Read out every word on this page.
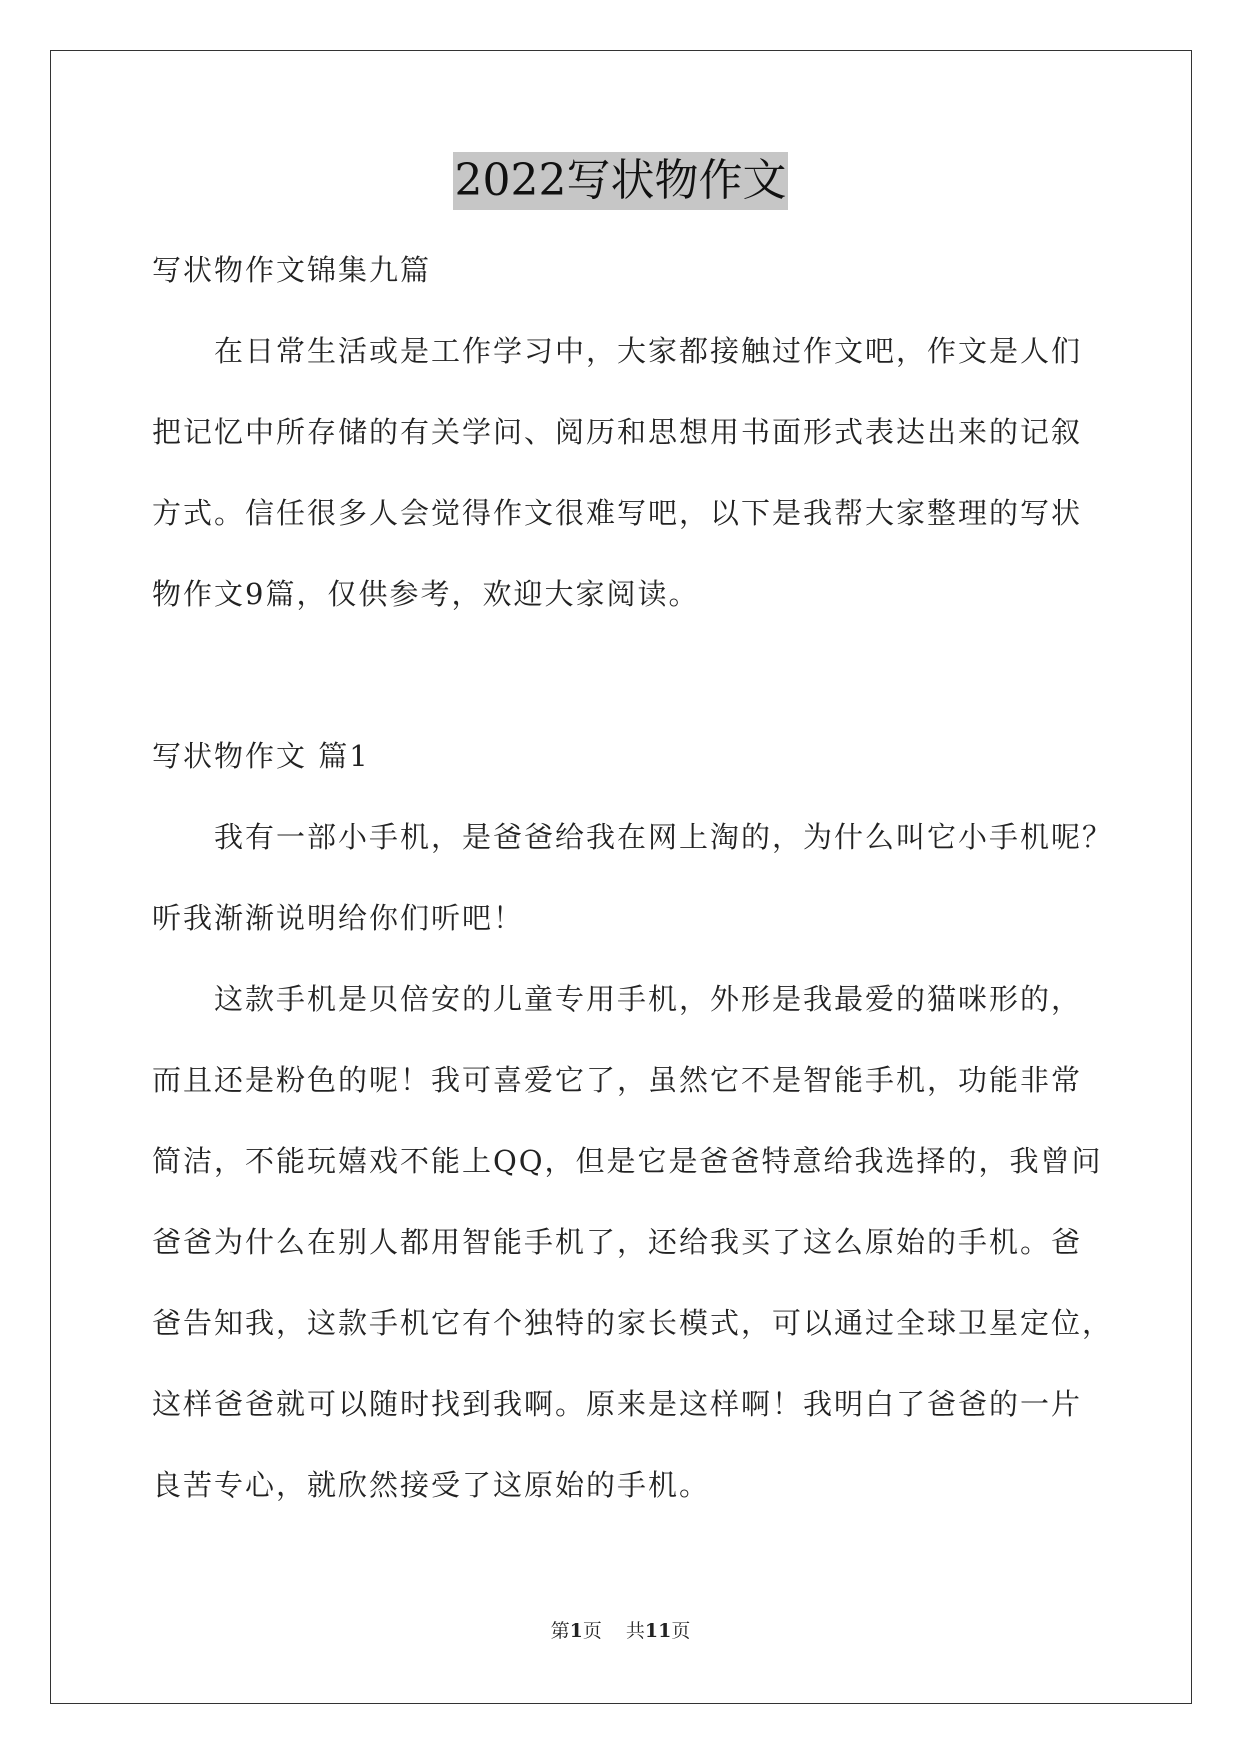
2022写状物作文
写状物作文锦集九篇
在日常生活或是工作学习中，大家都接触过作文吧，作文是人们
把记忆中所存储的有关学问、阅历和思想用书面形式表达出来的记叙
方式。信任很多人会觉得作文很难写吧，以下是我帮大家整理的写状
物作文9篇，仅供参考，欢迎大家阅读。
写状物作文 篇1
我有一部小手机，是爸爸给我在网上淘的，为什么叫它小手机呢？
听我渐渐说明给你们听吧！
这款手机是贝倍安的儿童专用手机，外形是我最爱的猫咪形的，
而且还是粉色的呢！我可喜爱它了，虽然它不是智能手机，功能非常
简洁，不能玩嬉戏不能上QQ，但是它是爸爸特意给我选择的，我曾问
爸爸为什么在别人都用智能手机了，还给我买了这么原始的手机。爸
爸告知我，这款手机它有个独特的家长模式，可以通过全球卫星定位，
这样爸爸就可以随时找到我啊。原来是这样啊！我明白了爸爸的一片
良苦专心，就欣然接受了这原始的手机。
第1页 共11页
